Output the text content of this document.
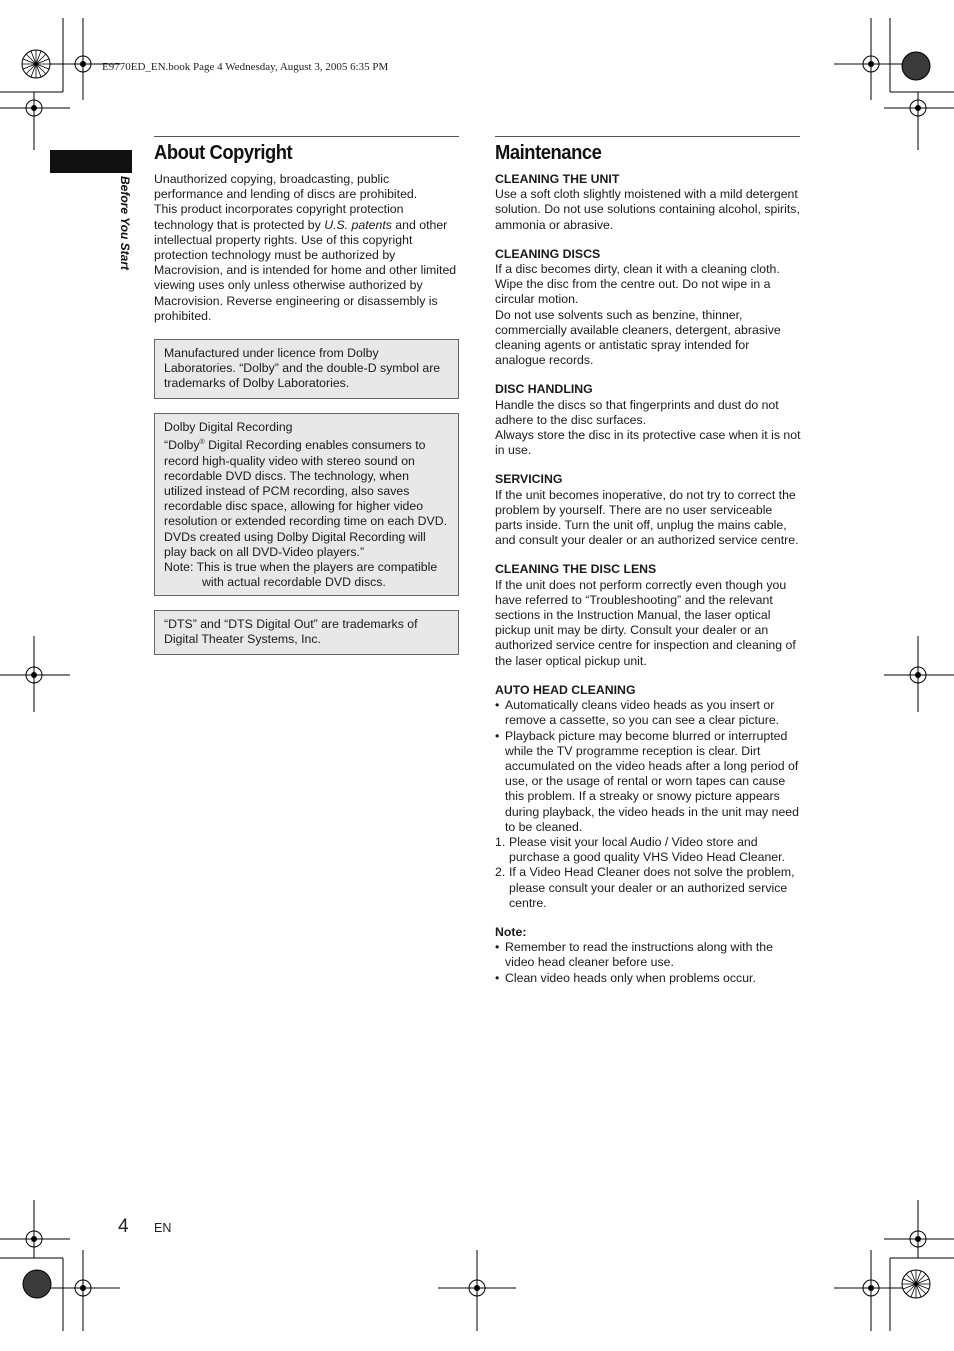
E9770ED_EN.book Page 4 Wednesday, August 3, 2005 6:35 PM
Before You Start
About Copyright

Unauthorized copying, broadcasting, public
performance and lending of discs are prohibited.

This product incorporates copyright protection technology that is protected by U.S. patents and other intellectual property rights. Use of this copyright protection technology must be authorized by Macrovision, and is intended for home and other limited viewing uses only unless otherwise authorized by Macrovision. Reverse engineering or disassembly is prohibited.

Manufactured under licence from Dolby Laboratories. “Dolby” and the double-D symbol are trademarks of Dolby Laboratories.
Dolby Digital Recording
“Dolby® Digital Recording enables consumers to record high-quality video with stereo sound on recordable DVD discs. The technology, when utilized instead of PCM recording, also saves recordable disc space, allowing for higher video resolution or extended recording time on each DVD. DVDs created using Dolby Digital Recording will play back on all DVD-Video players.”
Note: This is true when the players are compatible
with actual recordable DVD discs.
“DTS” and “DTS Digital Out” are trademarks of Digital Theater Systems, Inc.
Maintenance

CLEANING THE UNIT

Use a soft cloth slightly moistened with a mild detergent solution. Do not use solutions containing alcohol, spirits, ammonia or abrasive.

CLEANING DISCS

If a disc becomes dirty, clean it with a cleaning cloth. Wipe the disc from the centre out. Do not wipe in a circular motion.

Do not use solvents such as benzine, thinner, commercially available cleaners, detergent, abrasive cleaning agents or antistatic spray intended for analogue records.

DISC HANDLING

Handle the discs so that fingerprints and dust do not adhere to the disc surfaces.

Always store the disc in its protective case when it is not in use.

SERVICING

If the unit becomes inoperative, do not try to correct the problem by yourself. There are no user serviceable parts inside. Turn the unit off, unplug the mains cable, and consult your dealer or an authorized service centre.

CLEANING THE DISC LENS

If the unit does not perform correctly even though you have referred to “Troubleshooting” and the relevant sections in the Instruction Manual, the laser optical pickup unit may be dirty. Consult your dealer or an authorized service centre for inspection and cleaning of the laser optical pickup unit.

AUTO HEAD CLEANING

• Automatically cleans video heads as you insert or remove a cassette, so you can see a clear picture.
• Playback picture may become blurred or interrupted while the TV programme reception is clear. Dirt accumulated on the video heads after a long period of use, or the usage of rental or worn tapes can cause this problem. If a streaky or snowy picture appears during playback, the video heads in the unit may need to be cleaned.
1. Please visit your local Audio / Video store and purchase a good quality VHS Video Head Cleaner.
2. If a Video Head Cleaner does not solve the problem, please consult your dealer or an authorized service centre.

Note:

• Remember to read the instructions along with the video head cleaner before use.
• Clean video heads only when problems occur.
4 EN
